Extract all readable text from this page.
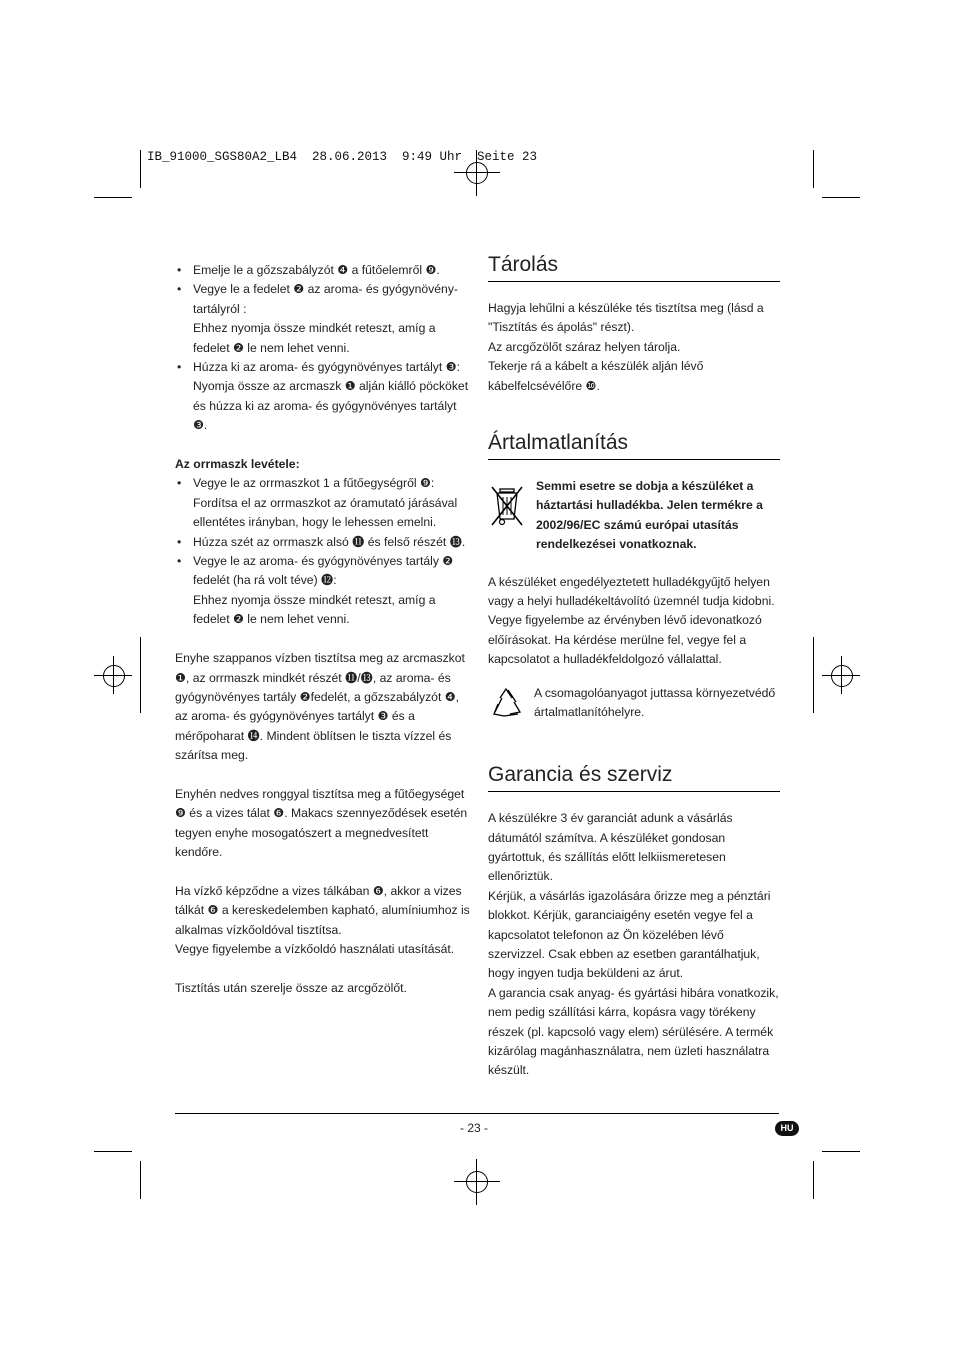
IB_91000_SGS80A2_LB4  28.06.2013  9:49 Uhr  Seite 23
• Emelje le a gőzszabályzót ❹ a fűtőelemről ❾.
• Vegye le a fedelet ❷ az aroma- és gyógynövény-tartályról :
Ehhez nyomja össze mindkét reteszt, amíg a fedelet ❷ le nem lehet venni.
• Húzza ki az aroma- és gyógynövényes tartályt ❸:
Nyomja össze az arcmaszk ❶ alján kiálló pöcköket és húzza ki az aroma- és gyógynövényes tartályt ❸.

Az orrmaszk levétele:

• Vegye le az orrmaszkot 1 a fűtőegységről ❾:
Fordítsa el az orrmaszkot az óramutató járásával ellentétes irányban, hogy le lehessen emelni.
• Húzza szét az orrmaszk alsó ⓫ és felső részét ⓭.
• Vegye le az aroma- és gyógynövényes tartály ❷ fedelét (ha rá volt téve) ⓬:
Ehhez nyomja össze mindkét reteszt, amíg a fedelet ❷ le nem lehet venni.

Enyhe szappanos vízben tisztítsa meg az arcmaszkot ❶, az orrmaszk mindkét részét ⓫/⓭, az aroma- és gyógynövényes tartály ❷fedelét, a gőzszabályzót ❹, az aroma- és gyógynövényes tartályt ❸ és a mérőpoharat ⓮. Mindent öblítsen le tiszta vízzel és szárítsa meg.

Enyhén nedves ronggyal tisztítsa meg a fűtőegységet ❾ és a vizes tálat ❻. Makacs szennyeződések esetén tegyen enyhe mosogatószert a megnedvesített kendőre.

Ha vízkő képződne a vizes tálkában ❻, akkor a vizes tálkát ❻ a kereskedelemben kapható, alumíniumhoz is alkalmas vízkőoldóval tisztítsa.

Vegye figyelembe a vízkőoldó használati utasítását.

Tisztítás után szerelje össze az arcgőzölőt.

Tárolás

Hagyja lehűlni a készüléke tés tisztítsa meg (lásd a "Tisztítás és ápolás" részt).

Az arcgőzölőt száraz helyen tárolja.

Tekerje rá a kábelt a készülék alján lévő kábelfelcsévélőre ❿.

Ártalmatlanítás
Semmi esetre se dobja a készüléket a háztartási hulladékba. Jelen termékre a 2002/96/EC számú európai utasítás rendelkezései vonatkoznak.

A készüléket engedélyeztetett hulladékgyűjtő helyen vagy a helyi hulladékeltávolító üzemnél tudja kidobni.

Vegye figyelembe az érvényben lévő idevonatkozó előírásokat. Ha kérdése merülne fel, vegye fel a kapcsolatot a hulladékfeldolgozó vállalattal.

A csomagolóanyagot juttassa környezetvédő ártalmatlanítóhelyre.
Garancia és szerviz

A készülékre 3 év garanciát adunk a vásárlás dátumától számítva. A készüléket gondosan gyártottuk, és szállítás előtt lelkiismeretesen ellenőriztük.

Kérjük, a vásárlás igazolására őrizze meg a pénztári blokkot. Kérjük, garanciaigény esetén vegye fel a kapcsolatot telefonon az Ön közelében lévő szervizzel. Csak ebben az esetben garantálhatjuk, hogy ingyen tudja beküldeni az árut.

A garancia csak anyag- és gyártási hibára vonatkozik, nem pedig szállítási kárra, kopásra vagy törékeny részek (pl. kapcsoló vagy elem) sérülésére. A termék kizárólag magánhasználatra, nem üzleti használatra készült.

- 23 -	HU
